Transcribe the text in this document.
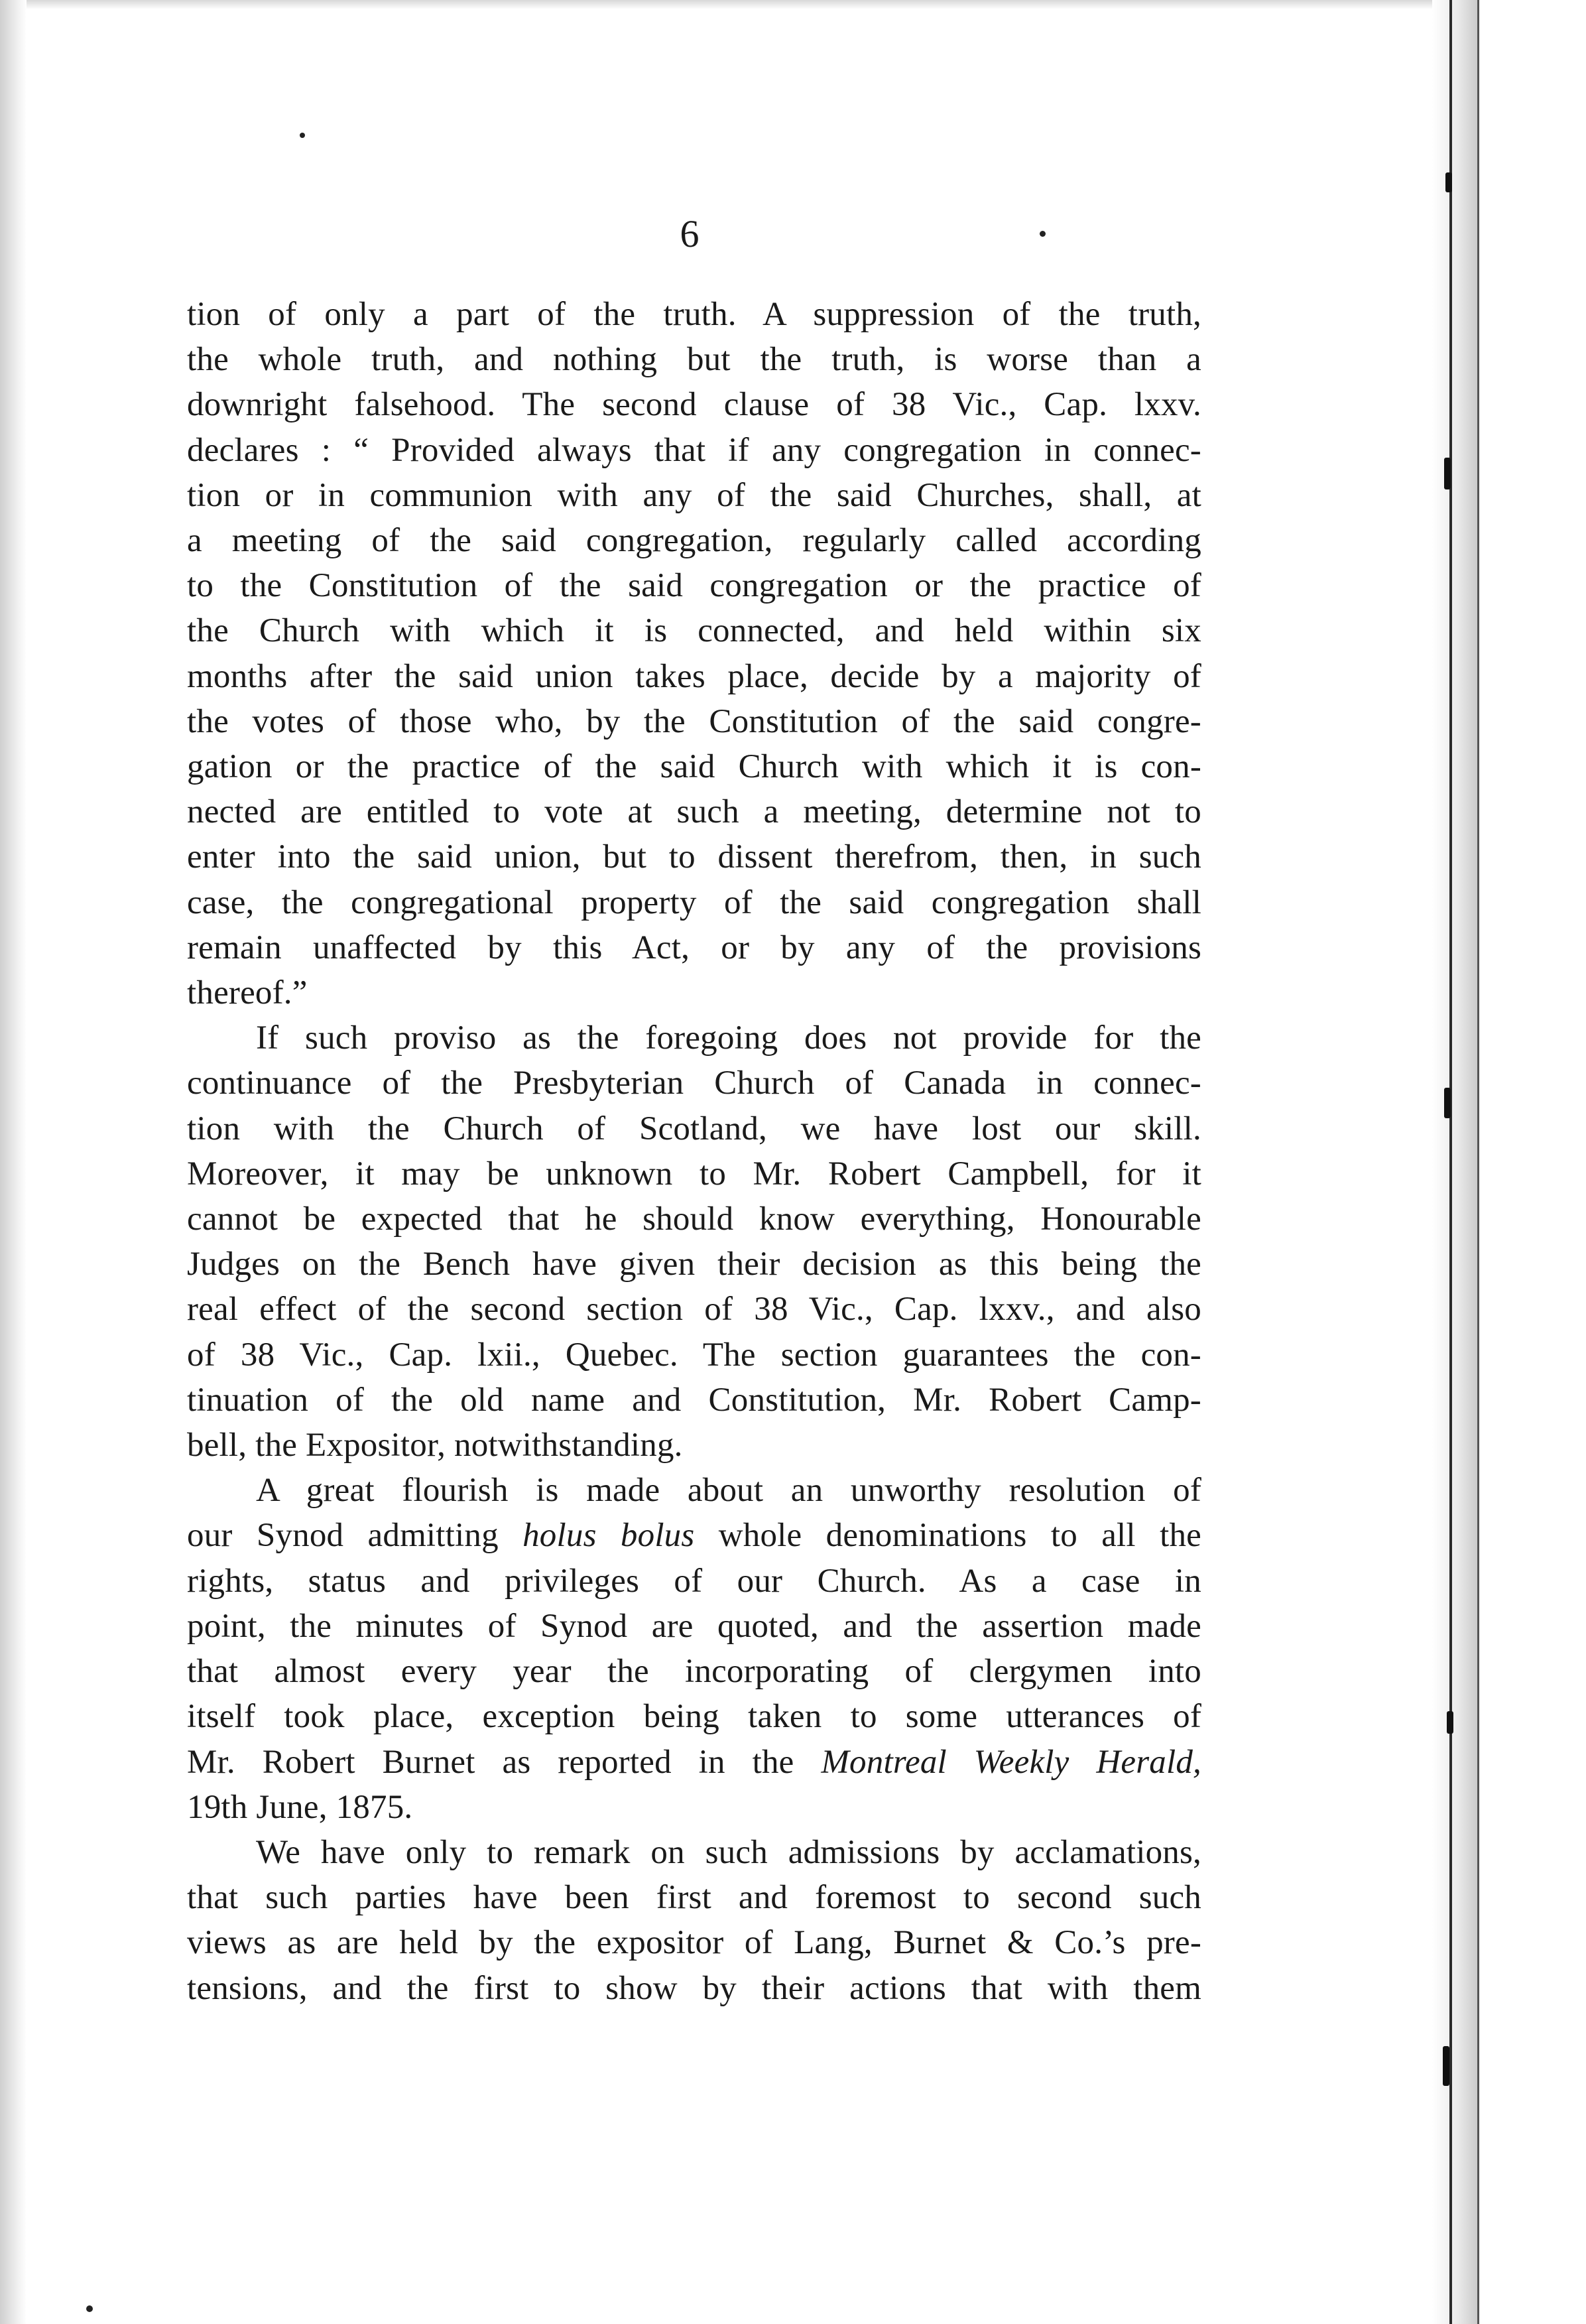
6
tion of only a part of the truth. A suppression of the truth,
the whole truth, and nothing but the truth, is worse than a
downright falsehood. The second clause of 38 Vic., Cap. lxxv.
declares : “ Provided always that if any congregation in connec-
tion or in communion with any of the said Churches, shall, at
a meeting of the said congregation, regularly called according
to the Constitution of the said congregation or the practice of
the Church with which it is connected, and held within six
months after the said union takes place, decide by a majority of
the votes of those who, by the Constitution of the said congre-
gation or the practice of the said Church with which it is con-
nected are entitled to vote at such a meeting, determine not to
enter into the said union, but to dissent therefrom, then, in such
case, the congregational property of the said congregation shall
remain unaffected by this Act, or by any of the provisions
thereof.”
If such proviso as the foregoing does not provide for the
continuance of the Presbyterian Church of Canada in connec-
tion with the Church of Scotland, we have lost our skill.
Moreover, it may be unknown to Mr. Robert Campbell, for it
cannot be expected that he should know everything, Honourable
Judges on the Bench have given their decision as this being the
real effect of the second section of 38 Vic., Cap. lxxv., and also
of 38 Vic., Cap. lxii., Quebec. The section guarantees the con-
tinuation of the old name and Constitution, Mr. Robert Camp-
bell, the Expositor, notwithstanding.
A great flourish is made about an unworthy resolution of
our Synod admitting holus bolus whole denominations to all the
rights, status and privileges of our Church. As a case in
point, the minutes of Synod are quoted, and the assertion made
that almost every year the incorporating of clergymen into
itself took place, exception being taken to some utterances of
Mr. Robert Burnet as reported in the Montreal Weekly Herald,
19th June, 1875.
We have only to remark on such admissions by acclamations,
that such parties have been first and foremost to second such
views as are held by the expositor of Lang, Burnet & Co.’s pre-
tensions, and the first to show by their actions that with them
